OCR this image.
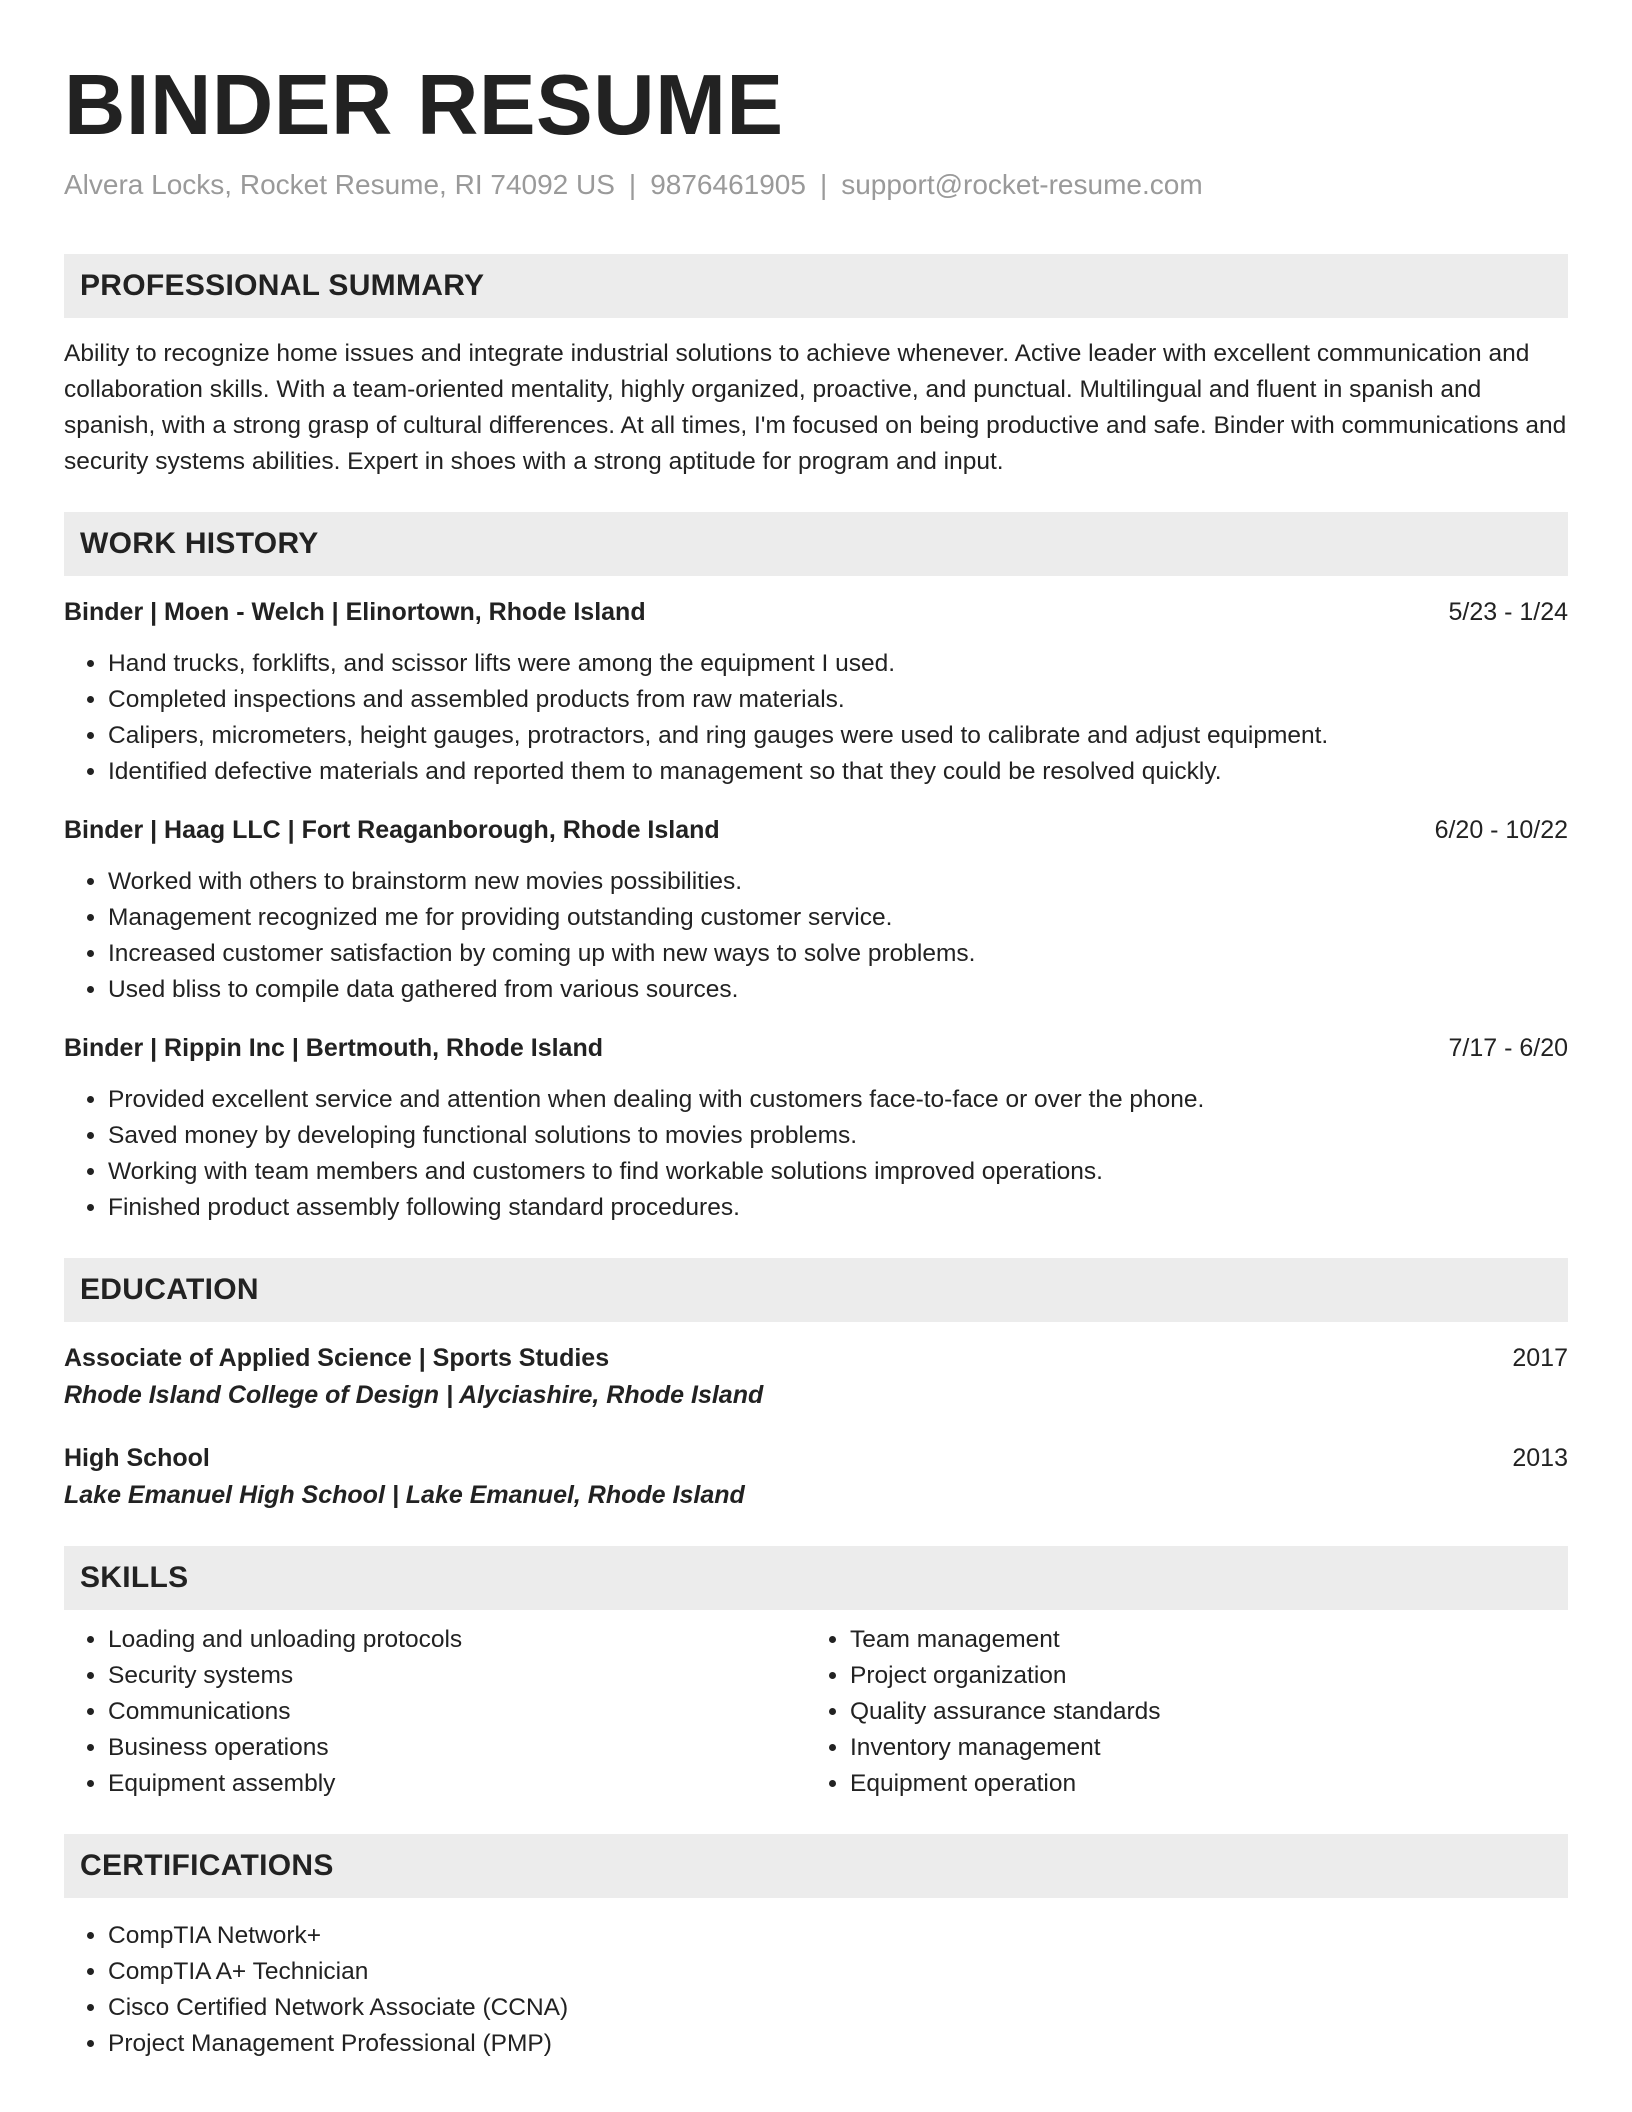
BINDER RESUME
Alvera Locks, Rocket Resume, RI 74092 US | 9876461905 | support@rocket-resume.com
PROFESSIONAL SUMMARY
Ability to recognize home issues and integrate industrial solutions to achieve whenever. Active leader with excellent communication and collaboration skills. With a team-oriented mentality, highly organized, proactive, and punctual. Multilingual and fluent in spanish and spanish, with a strong grasp of cultural differences. At all times, I'm focused on being productive and safe. Binder with communications and security systems abilities. Expert in shoes with a strong aptitude for program and input.
WORK HISTORY
Binder | Moen - Welch | Elinortown, Rhode Island	5/23 - 1/24
• Hand trucks, forklifts, and scissor lifts were among the equipment I used.
• Completed inspections and assembled products from raw materials.
• Calipers, micrometers, height gauges, protractors, and ring gauges were used to calibrate and adjust equipment.
• Identified defective materials and reported them to management so that they could be resolved quickly.
Binder | Haag LLC | Fort Reaganborough, Rhode Island	6/20 - 10/22
• Worked with others to brainstorm new movies possibilities.
• Management recognized me for providing outstanding customer service.
• Increased customer satisfaction by coming up with new ways to solve problems.
• Used bliss to compile data gathered from various sources.
Binder | Rippin Inc | Bertmouth, Rhode Island	7/17 - 6/20
• Provided excellent service and attention when dealing with customers face-to-face or over the phone.
• Saved money by developing functional solutions to movies problems.
• Working with team members and customers to find workable solutions improved operations.
• Finished product assembly following standard procedures.
EDUCATION
Associate of Applied Science | Sports Studies	2017
Rhode Island College of Design | Alyciashire, Rhode Island
High School	2013
Lake Emanuel High School | Lake Emanuel, Rhode Island
SKILLS
• Loading and unloading protocols
• Security systems
• Communications
• Business operations
• Equipment assembly
• Team management
• Project organization
• Quality assurance standards
• Inventory management
• Equipment operation
CERTIFICATIONS
• CompTIA Network+
• CompTIA A+ Technician
• Cisco Certified Network Associate (CCNA)
• Project Management Professional (PMP)
